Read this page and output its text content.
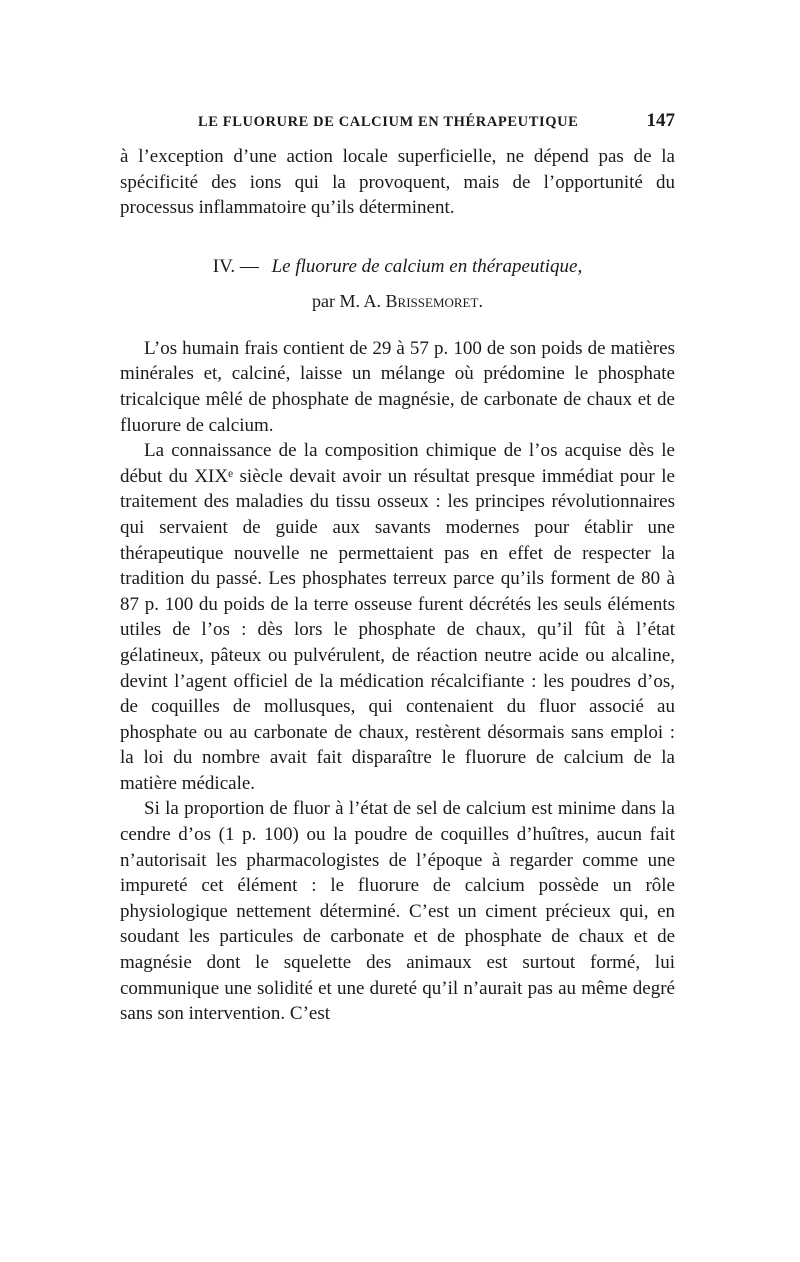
LE FLUORURE DE CALCIUM EN THÉRAPEUTIQUE	147

à l’exception d’une action locale superficielle, ne dépend pas de la spécificité des ions qui la provoquent, mais de l’opportunité du processus inflammatoire qu’ils déterminent.

IV. — Le fluorure de calcium en thérapeutique,
par M. A. Brissemoret.

L’os humain frais contient de 29 à 57 p. 100 de son poids de matières minérales et, calciné, laisse un mélange où prédomine le phosphate tricalcique mêlé de phosphate de magnésie, de carbonate de chaux et de fluorure de calcium.

La connaissance de la composition chimique de l’os acquise dès le début du XIXᵉ siècle devait avoir un résultat presque immédiat pour le traitement des maladies du tissu osseux : les principes révolutionnaires qui servaient de guide aux savants modernes pour établir une thérapeutique nouvelle ne permettaient pas en effet de respecter la tradition du passé. Les phosphates terreux parce qu’ils forment de 80 à 87 p. 100 du poids de la terre osseuse furent décrétés les seuls éléments utiles de l’os : dès lors le phosphate de chaux, qu’il fût à l’état gélatineux, pâteux ou pulvérulent, de réaction neutre acide ou alcaline, devint l’agent officiel de la médication récalcifiante : les poudres d’os, de coquilles de mollusques, qui contenaient du fluor associé au phosphate ou au carbonate de chaux, restèrent désormais sans emploi : la loi du nombre avait fait disparaître le fluorure de calcium de la matière médicale.

Si la proportion de fluor à l’état de sel de calcium est minime dans la cendre d’os (1 p. 100) ou la poudre de coquilles d’huîtres, aucun fait n’autorisait les pharmacologistes de l’époque à regarder comme une impureté cet élément : le fluorure de calcium possède un rôle physiologique nettement déterminé. C’est un ciment précieux qui, en soudant les particules de carbonate et de phosphate de chaux et de magnésie dont le squelette des animaux est surtout formé, lui communique une solidité et une dureté qu’il n’aurait pas au même degré sans son intervention. C’est
